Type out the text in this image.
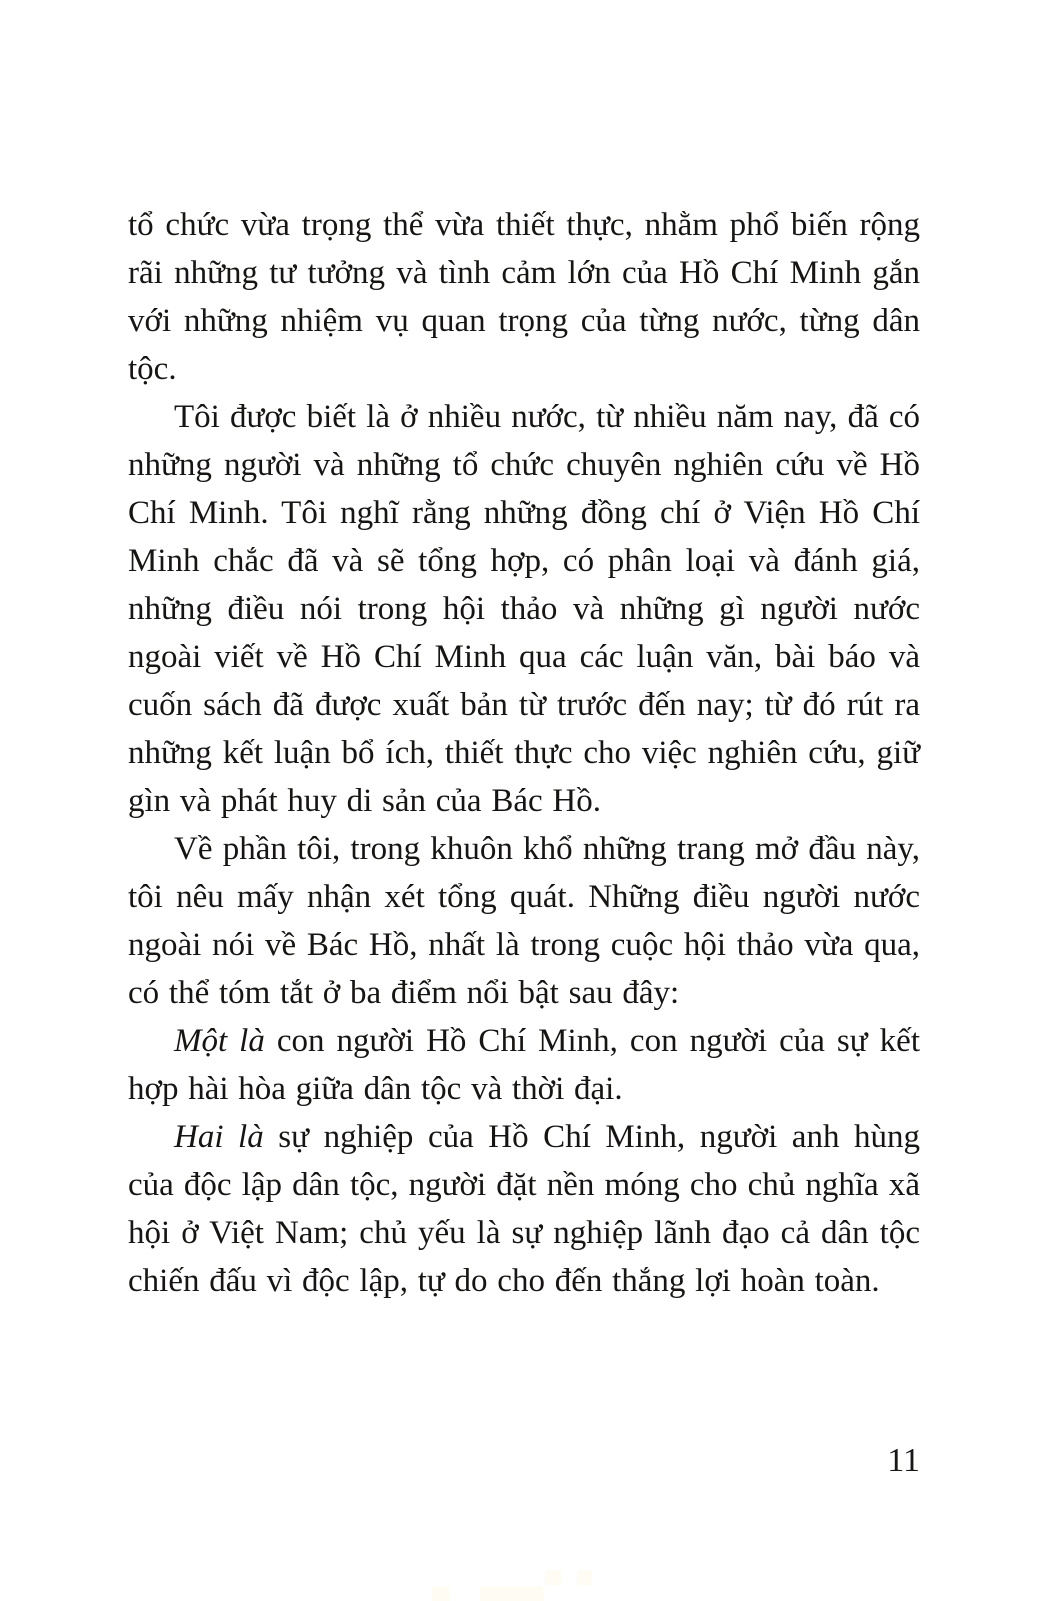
tổ chức vừa trọng thể vừa thiết thực, nhằm phổ biến rộng rãi những tư tưởng và tình cảm lớn của Hồ Chí Minh gắn với những nhiệm vụ quan trọng của từng nước, từng dân tộc.

Tôi được biết là ở nhiều nước, từ nhiều năm nay, đã có những người và những tổ chức chuyên nghiên cứu về Hồ Chí Minh. Tôi nghĩ rằng những đồng chí ở Viện Hồ Chí Minh chắc đã và sẽ tổng hợp, có phân loại và đánh giá, những điều nói trong hội thảo và những gì người nước ngoài viết về Hồ Chí Minh qua các luận văn, bài báo và cuốn sách đã được xuất bản từ trước đến nay; từ đó rút ra những kết luận bổ ích, thiết thực cho việc nghiên cứu, giữ gìn và phát huy di sản của Bác Hồ.

Về phần tôi, trong khuôn khổ những trang mở đầu này, tôi nêu mấy nhận xét tổng quát. Những điều người nước ngoài nói về Bác Hồ, nhất là trong cuộc hội thảo vừa qua, có thể tóm tắt ở ba điểm nổi bật sau đây:

Một là con người Hồ Chí Minh, con người của sự kết hợp hài hòa giữa dân tộc và thời đại.

Hai là sự nghiệp của Hồ Chí Minh, người anh hùng của độc lập dân tộc, người đặt nền móng cho chủ nghĩa xã hội ở Việt Nam; chủ yếu là sự nghiệp lãnh đạo cả dân tộc chiến đấu vì độc lập, tự do cho đến thắng lợi hoàn toàn.

11
